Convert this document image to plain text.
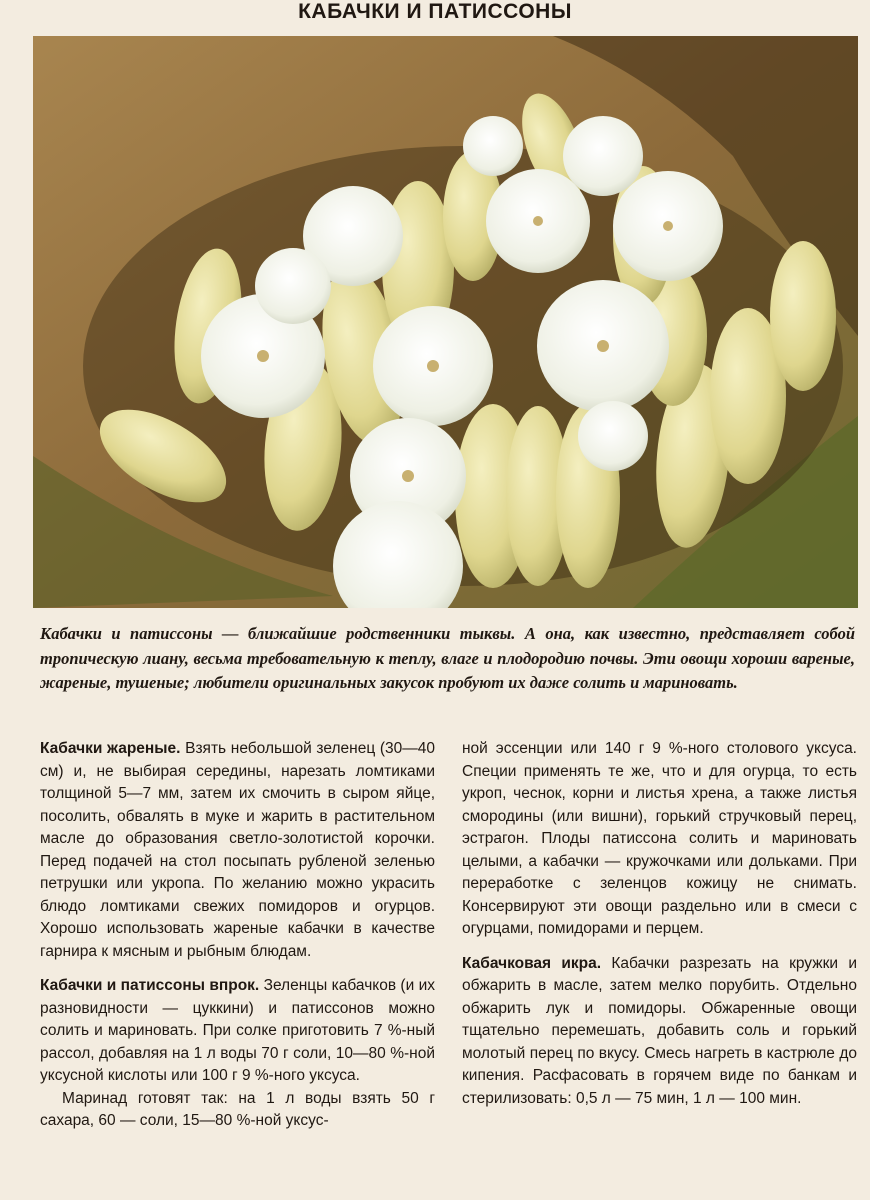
КАБАЧКИ И ПАТИССОНЫ
Кабачки и патиссоны — ближайшие родственники тыквы. А она, как известно, представляет собой тропическую лиану, весьма требовательную к теплу, влаге и плодородию почвы. Эти овощи хороши вареные, жареные, тушеные; любители оригинальных закусок пробуют их даже солить и мариновать.

Кабачки жареные. Взять небольшой зеленец (30—40 см) и, не выбирая середины, нарезать ломтиками толщиной 5—7 мм, затем их смочить в сыром яйце, посолить, обвалять в муке и жарить в растительном масле до образования светло-золотистой корочки. Перед подачей на стол посыпать рубленой зеленью петрушки или укропа. По желанию можно украсить блюдо ломтиками свежих помидоров и огурцов. Хорошо использовать жареные кабачки в качестве гарнира к мясным и рыбным блюдам.

Кабачки и патиссоны впрок. Зеленцы кабачков (и их разновидности — цуккини) и патиссонов можно солить и мариновать. При солке приготовить 7 %-ный рассол, добавляя на 1 л воды 70 г соли, 10—80 %-ной уксусной кислоты или 100 г 9 %-ного уксуса.

Маринад готовят так: на 1 л воды взять 50 г сахара, 60 — соли, 15—80 %-ной уксус-

ной эссенции или 140 г 9 %-ного столового уксуса. Специи применять те же, что и для огурца, то есть укроп, чеснок, корни и листья хрена, а также листья смородины (или вишни), горький стручковый перец, эстрагон. Плоды патиссона солить и мариновать целыми, а кабачки — кружочками или дольками. При переработке с зеленцов кожицу не снимать. Консервируют эти овощи раздельно или в смеси с огурцами, помидорами и перцем.

Кабачковая икра. Кабачки разрезать на кружки и обжарить в масле, затем мелко порубить. Отдельно обжарить лук и помидоры. Обжаренные овощи тщательно перемешать, добавить соль и горький молотый перец по вкусу. Смесь нагреть в кастрюле до кипения. Расфасовать в горячем виде по банкам и стерилизовать: 0,5 л — 75 мин, 1 л — 100 мин.
